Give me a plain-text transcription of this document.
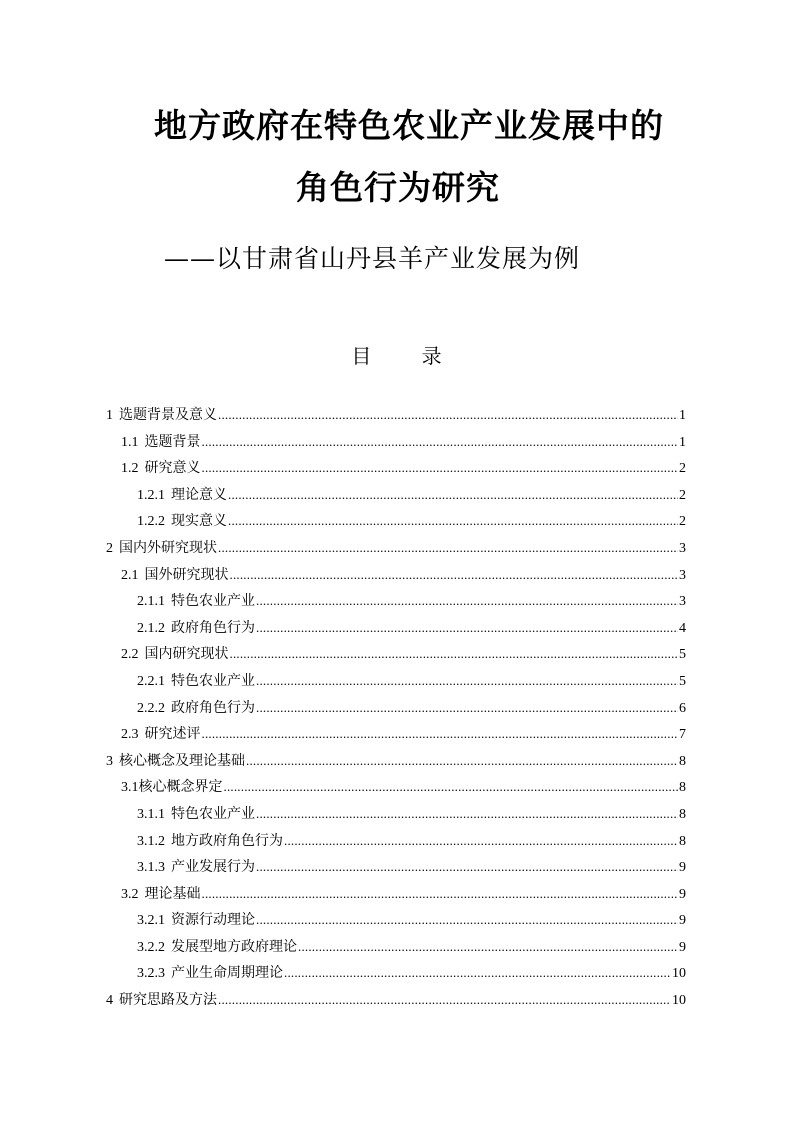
地方政府在特色农业产业发展中的
角色行为研究
——以甘肃省山丹县羊产业发展为例
目 录
1 选题背景及意义 .....	1
1.1 选题背景 .....	1
1.2 研究意义 .....	2
1.2.1 理论意义 .....	2
1.2.2 现实意义 .....	2
2 国内外研究现状 .....	3
2.1 国外研究现状 .....	3
2.1.1 特色农业产业 .....	3
2.1.2 政府角色行为 .....	4
2.2 国内研究现状 .....	5
2.2.1 特色农业产业 .....	5
2.2.2 政府角色行为 .....	6
2.3 研究述评 .....	7
3 核心概念及理论基础 .....	8
3.1核心概念界定 .....	8
3.1.1 特色农业产业 .....	8
3.1.2 地方政府角色行为 .....	8
3.1.3 产业发展行为 .....	9
3.2 理论基础 .....	9
3.2.1 资源行动理论 .....	9
3.2.2 发展型地方政府理论 .....	9
3.2.3 产业生命周期理论 .....	10
4 研究思路及方法 .....	10
